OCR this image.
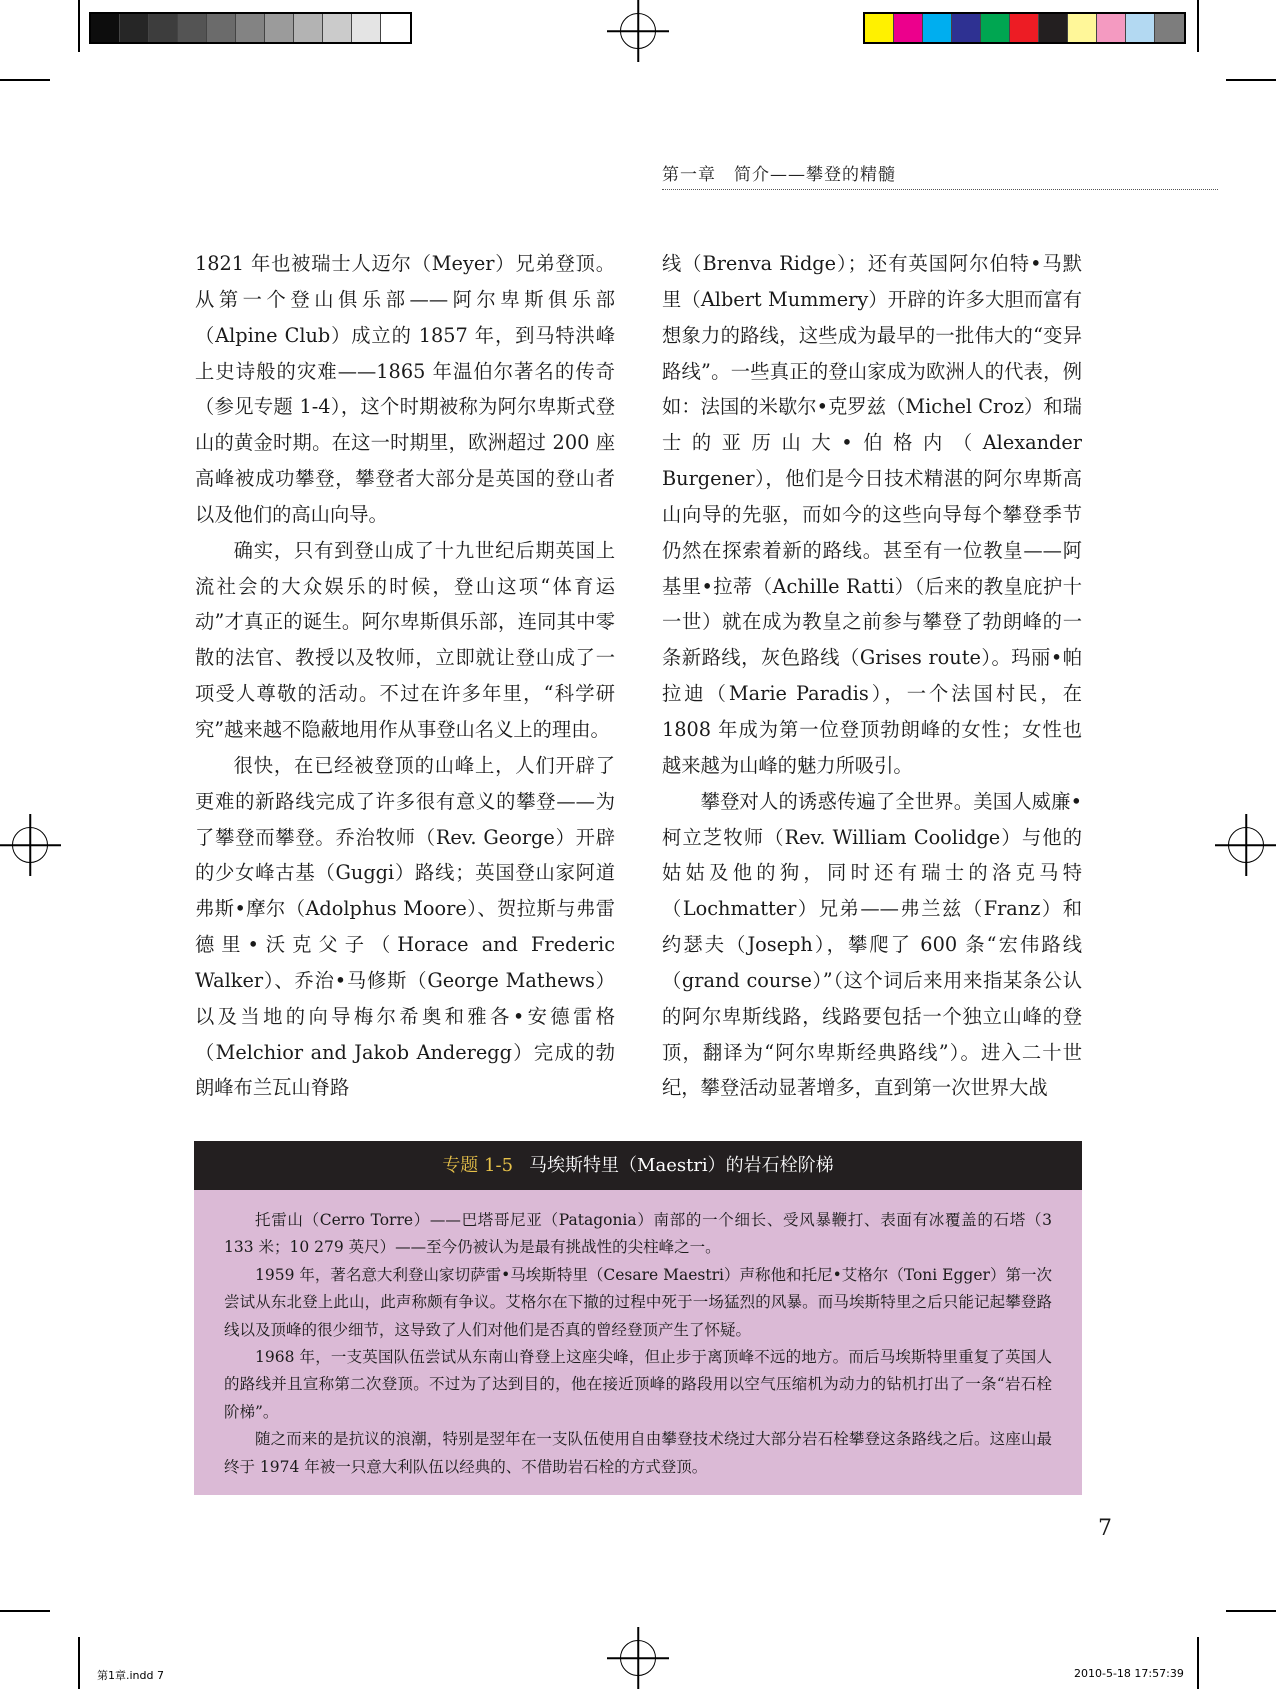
第一章　简介——攀登的精髓

1821 年也被瑞士人迈尔（Meyer）兄弟登顶。从第一个登山俱乐部——阿尔卑斯俱乐部（Alpine Club）成立的 1857 年，到马特洪峰上史诗般的灾难——1865 年温伯尔著名的传奇（参见专题 1-4），这个时期被称为阿尔卑斯式登山的黄金时期。在这一时期里，欧洲超过 200 座高峰被成功攀登，攀登者大部分是英国的登山者以及他们的高山向导。

确实，只有到登山成了十九世纪后期英国上流社会的大众娱乐的时候，登山这项“体育运动”才真正的诞生。阿尔卑斯俱乐部，连同其中零散的法官、教授以及牧师，立即就让登山成了一项受人尊敬的活动。不过在许多年里，“科学研究”越来越不隐蔽地用作从事登山名义上的理由。

很快，在已经被登顶的山峰上，人们开辟了更难的新路线完成了许多很有意义的攀登——为了攀登而攀登。乔治牧师（Rev. George）开辟的少女峰古基（Guggi）路线；英国登山家阿道弗斯•摩尔（Adolphus Moore）、贺拉斯与弗雷德里•沃克父子（Horace and Frederic Walker）、乔治•马修斯（George Mathews）以及当地的向导梅尔希奥和雅各•安德雷格（Melchior and Jakob Anderegg）完成的勃朗峰布兰瓦山脊路

线（Brenva Ridge）；还有英国阿尔伯特•马默里（Albert Mummery）开辟的许多大胆而富有想象力的路线，这些成为最早的一批伟大的“变异路线”。一些真正的登山家成为欧洲人的代表，例如：法国的米歇尔•克罗兹（Michel Croz）和瑞士的亚历山大•伯格内（Alexander Burgener），他们是今日技术精湛的阿尔卑斯高山向导的先驱，而如今的这些向导每个攀登季节仍然在探索着新的路线。甚至有一位教皇——阿基里•拉蒂（Achille Ratti）（后来的教皇庇护十一世）就在成为教皇之前参与攀登了勃朗峰的一条新路线，灰色路线（Grises route）。玛丽•帕拉迪（Marie Paradis），一个法国村民，在 1808 年成为第一位登顶勃朗峰的女性；女性也越来越为山峰的魅力所吸引。

攀登对人的诱惑传遍了全世界。美国人威廉•柯立芝牧师（Rev. William Coolidge）与他的姑姑及他的狗，同时还有瑞士的洛克马特（Lochmatter）兄弟——弗兰兹（Franz）和约瑟夫（Joseph），攀爬了 600 条“宏伟路线（grand course）”（这个词后来用来指某条公认的阿尔卑斯线路，线路要包括一个独立山峰的登顶，翻译为“阿尔卑斯经典路线”）。进入二十世纪，攀登活动显著增多，直到第一次世界大战

专题 1-5 马埃斯特里（Maestri）的岩石栓阶梯

托雷山（Cerro Torre）——巴塔哥尼亚（Patagonia）南部的一个细长、受风暴鞭打、表面有冰覆盖的石塔（3 133 米；10 279 英尺）——至今仍被认为是最有挑战性的尖柱峰之一。

1959 年，著名意大利登山家切萨雷•马埃斯特里（Cesare Maestri）声称他和托尼•艾格尔（Toni Egger）第一次尝试从东北登上此山，此声称颇有争议。艾格尔在下撤的过程中死于一场猛烈的风暴。而马埃斯特里之后只能记起攀登路线以及顶峰的很少细节，这导致了人们对他们是否真的曾经登顶产生了怀疑。

1968 年，一支英国队伍尝试从东南山脊登上这座尖峰，但止步于离顶峰不远的地方。而后马埃斯特里重复了英国人的路线并且宣称第二次登顶。不过为了达到目的，他在接近顶峰的路段用以空气压缩机为动力的钻机打出了一条“岩石栓阶梯”。

随之而来的是抗议的浪潮，特别是翌年在一支队伍使用自由攀登技术绕过大部分岩石栓攀登这条路线之后。这座山最终于 1974 年被一只意大利队伍以经典的、不借助岩石栓的方式登顶。

7
第1章.indd 7	2010-5-18 17:57:39
